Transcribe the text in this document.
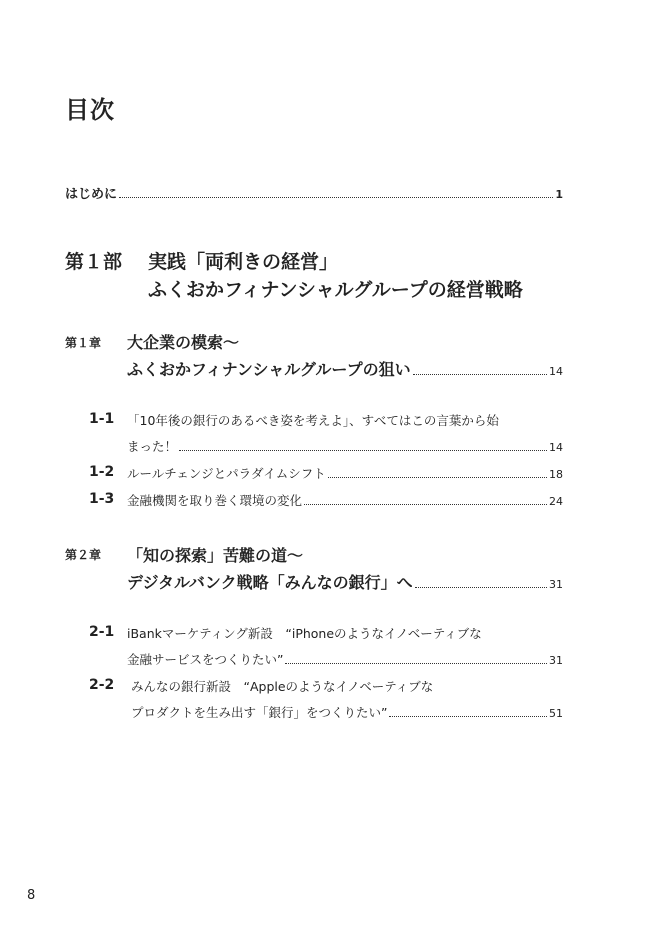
目次
はじめに	1
第１部 実践「両利きの経営」
ふくおかフィナンシャルグループの経営戦略
第１章 大企業の模索〜
ふくおかフィナンシャルグループの狙い	14
1-1 「10年後の銀行のあるべき姿を考えよ」、すべてはこの言葉から始
まった！	14
1-2 ルールチェンジとパラダイムシフト	18
1-3 金融機関を取り巻く環境の変化	24
第２章 「知の探索」苦難の道〜
デジタルバンク戦略「みんなの銀行」へ	31
2-1 iBankマーケティング新設　“iPhoneのようなイノベーティブな
金融サービスをつくりたい”	31
2-2 みんなの銀行新設　“Appleのようなイノベーティブな
プロダクトを生み出す「銀行」をつくりたい”	51
8
